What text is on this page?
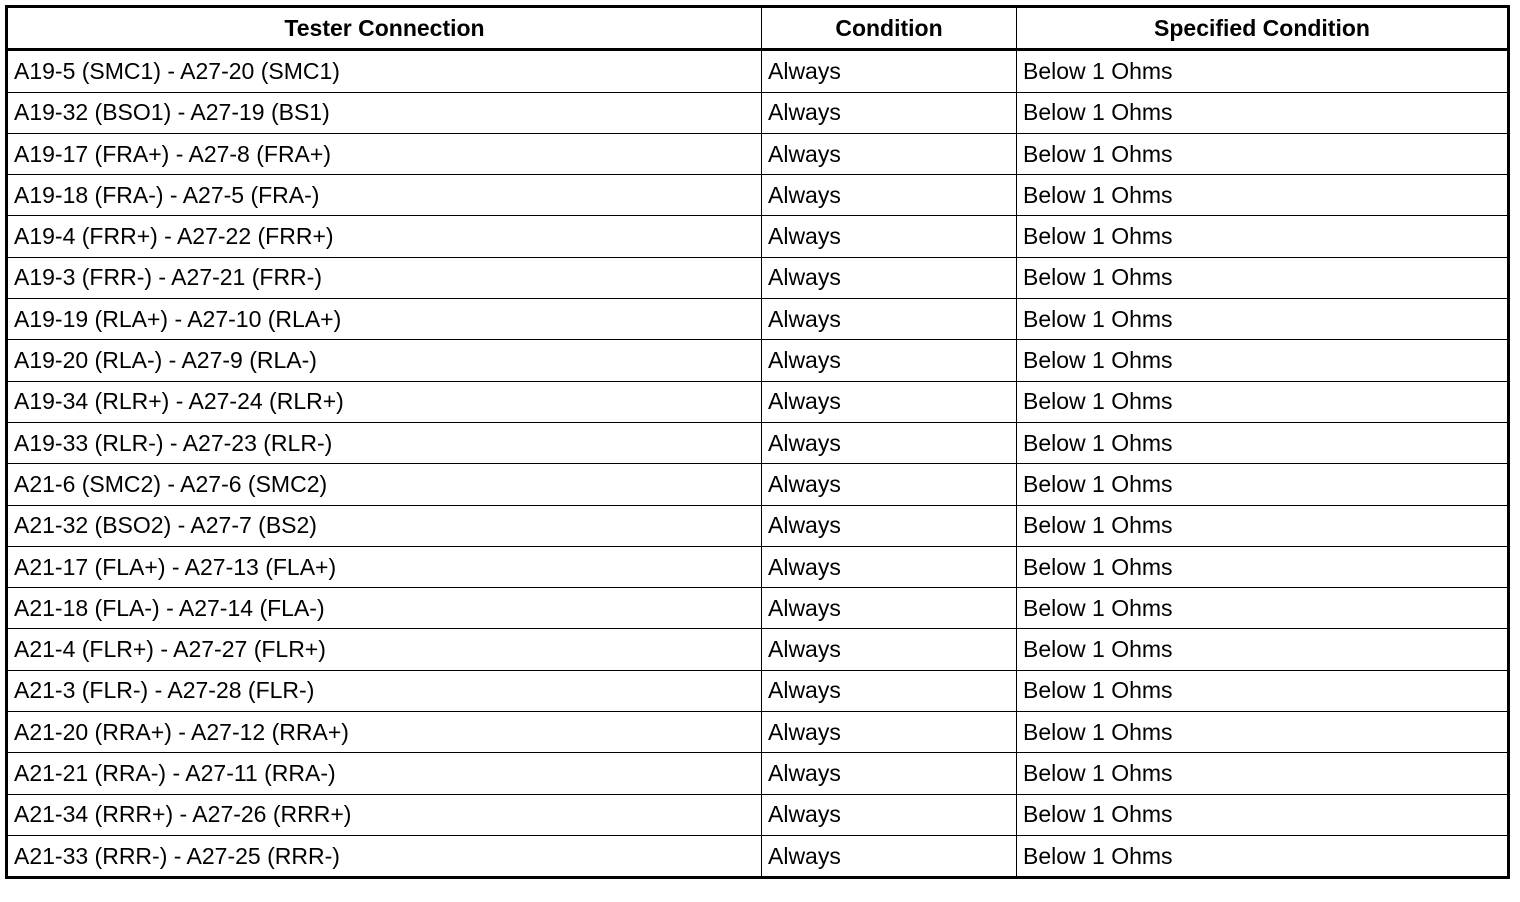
Tester Connection	Condition	Specified Condition
A19-5 (SMC1) - A27-20 (SMC1)	Always	Below 1 Ohms
A19-32 (BSO1) - A27-19 (BS1)	Always	Below 1 Ohms
A19-17 (FRA+) - A27-8 (FRA+)	Always	Below 1 Ohms
A19-18 (FRA-) - A27-5 (FRA-)	Always	Below 1 Ohms
A19-4 (FRR+) - A27-22 (FRR+)	Always	Below 1 Ohms
A19-3 (FRR-) - A27-21 (FRR-)	Always	Below 1 Ohms
A19-19 (RLA+) - A27-10 (RLA+)	Always	Below 1 Ohms
A19-20 (RLA-) - A27-9 (RLA-)	Always	Below 1 Ohms
A19-34 (RLR+) - A27-24 (RLR+)	Always	Below 1 Ohms
A19-33 (RLR-) - A27-23 (RLR-)	Always	Below 1 Ohms
A21-6 (SMC2) - A27-6 (SMC2)	Always	Below 1 Ohms
A21-32 (BSO2) - A27-7 (BS2)	Always	Below 1 Ohms
A21-17 (FLA+) - A27-13 (FLA+)	Always	Below 1 Ohms
A21-18 (FLA-) - A27-14 (FLA-)	Always	Below 1 Ohms
A21-4 (FLR+) - A27-27 (FLR+)	Always	Below 1 Ohms
A21-3 (FLR-) - A27-28 (FLR-)	Always	Below 1 Ohms
A21-20 (RRA+) - A27-12 (RRA+)	Always	Below 1 Ohms
A21-21 (RRA-) - A27-11 (RRA-)	Always	Below 1 Ohms
A21-34 (RRR+) - A27-26 (RRR+)	Always	Below 1 Ohms
A21-33 (RRR-) - A27-25 (RRR-)	Always	Below 1 Ohms
